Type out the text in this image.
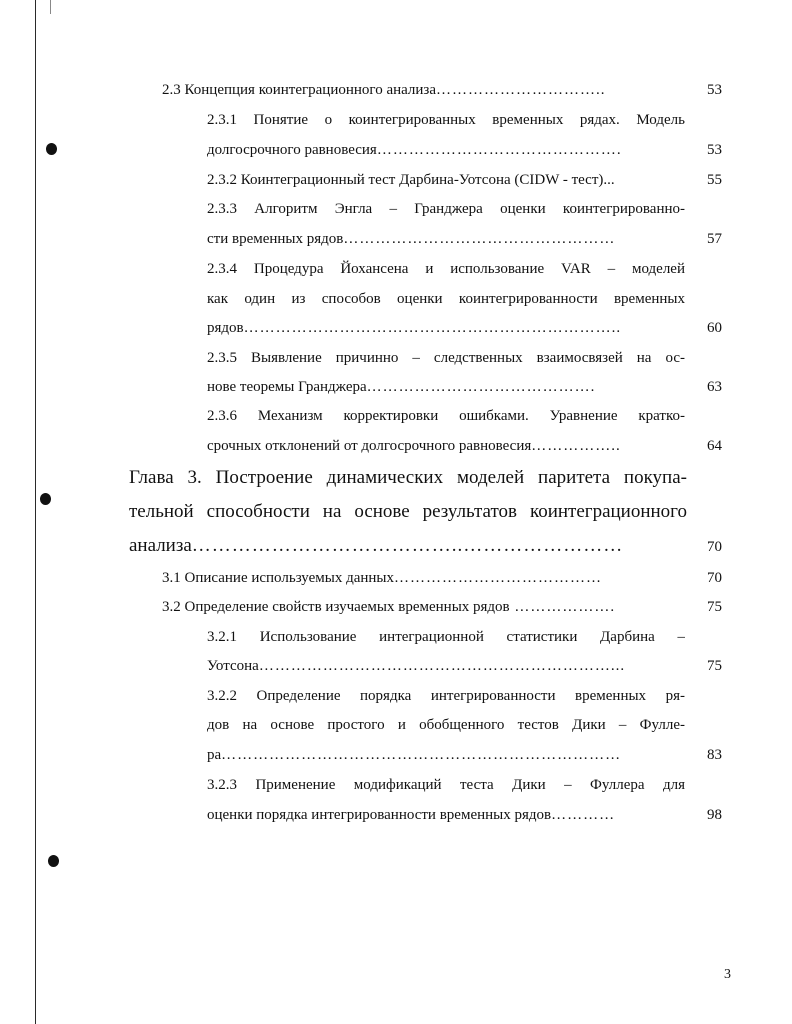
2.3 Концепция коинтеграционного анализа…………………………..	53
2.3.1 Понятие о коинтегрированных временных рядах. Модель
долгосрочного равновесия……………………………………….	53
2.3.2 Коинтеграционный тест Дарбина-Уотсона (CIDW - тест)...	55
2.3.3 Алгоритм Энгла – Гранджера оценки коинтегрированно-
сти временных рядов……………………………………………	57
2.3.4 Процедура Йохансена и использование VAR – моделей
как один из способов оценки коинтегрированности временных
рядов……………………………………………………………..	60
2.3.5 Выявление причинно – следственных взаимосвязей на ос-
нове теоремы Гранджера…………………………………….	63
2.3.6 Механизм корректировки ошибками. Уравнение кратко-
срочных отклонений от долгосрочного равновесия……………..	64
Глава 3. Построение динамических моделей паритета покупа-
тельной способности на основе результатов коинтеграционного
анализа…………………………………..……………………	70
3.1 Описание используемых данных…………………………………	70
3.2 Определение свойств изучаемых временных рядов ……………….	75
3.2.1 Использование интеграционной статистики Дарбина –
Уотсона…………………………………………………………...	75
3.2.2 Определение порядка интегрированности временных ря-
дов на основе простого и обобщенного тестов Дики – Фулле-
ра…………………………………………………………………	83
3.2.3 Применение модификаций теста Дики – Фуллера для
оценки порядка интегрированности временных рядов…………	98
3
